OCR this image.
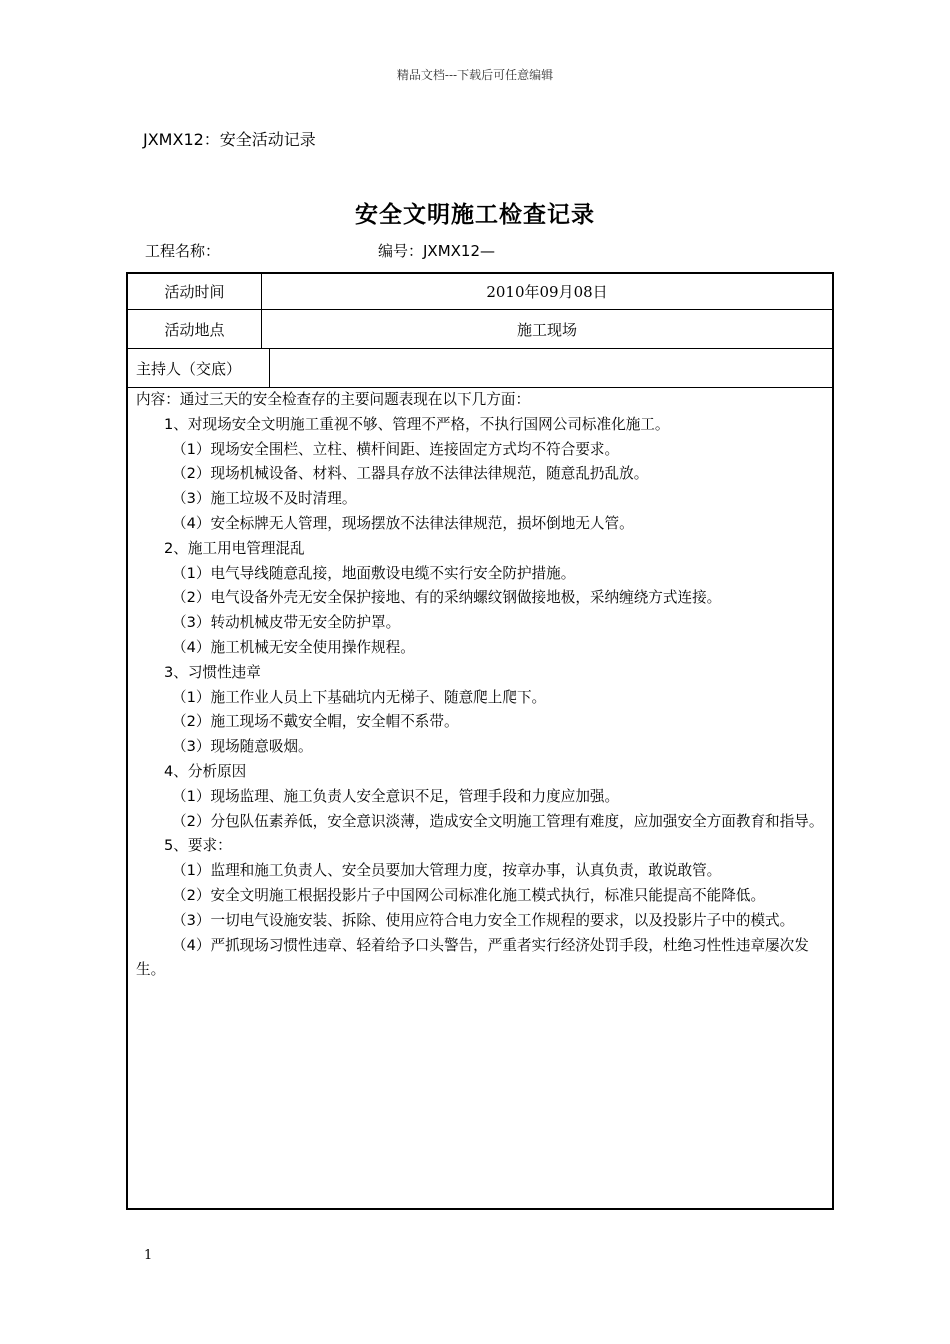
精品文档---下载后可任意编辑
JXMX12：安全活动记录
安全文明施工检查记录
工程名称：	编号：JXMX12—
活动时间	2010年09月08日
活动地点	施工现场
主持人（交底）

内容：通过三天的安全检查存的主要问题表现在以下几方面：

1、对现场安全文明施工重视不够、管理不严格，不执行国网公司标准化施工。

（1）现场安全围栏、立柱、横杆间距、连接固定方式均不符合要求。

（2）现场机械设备、材料、工器具存放不法律法律规范，随意乱扔乱放。

（3）施工垃圾不及时清理。

（4）安全标牌无人管理，现场摆放不法律法律规范，损坏倒地无人管。

2、施工用电管理混乱

（1）电气导线随意乱接，地面敷设电缆不实行安全防护措施。

（2）电气设备外壳无安全保护接地、有的采纳螺纹钢做接地极，采纳缠绕方式连接。

（3）转动机械皮带无安全防护罩。

（4）施工机械无安全使用操作规程。

3、习惯性违章

（1）施工作业人员上下基础坑内无梯子、随意爬上爬下。

（2）施工现场不戴安全帽，安全帽不系带。

（3）现场随意吸烟。

4、分析原因

（1）现场监理、施工负责人安全意识不足，管理手段和力度应加强。

（2）分包队伍素养低，安全意识淡薄，造成安全文明施工管理有难度，应加强安全方面教育和指导。

5、要求：

（1）监理和施工负责人、安全员要加大管理力度，按章办事，认真负责，敢说敢管。

（2）安全文明施工根据投影片子中国网公司标准化施工模式执行，标准只能提高不能降低。

（3）一切电气设施安装、拆除、使用应符合电力安全工作规程的要求，以及投影片子中的模式。

（4）严抓现场习惯性违章、轻着给予口头警告，严重者实行经济处罚手段，杜绝习性性违章屡次发生。

1
